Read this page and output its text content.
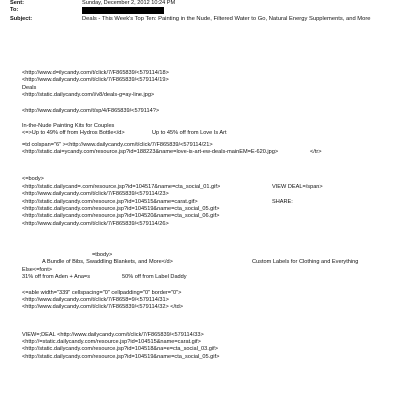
Sent:	Sunday, December 2, 2012 10:24 PM
To:
Subject:	Deals - This Week's Top Ten: Painting in the Nude, Filtered Water to Go, Natural Energy Supplements, and More
<http://www.d=ilycandy.com/t/click/7/F865839/<579114/18>
<http://www.dailycandy.com/t/click/7/F865839/<579114/19>
Deals
<http://static.dailycandy.com/i/v8/deals-g=ay-line.jpg>
<http://www.dailycandy.com/t/sp/4/F865839/<579114?>
In-the-Nude Painting Kits for Couples
<=>Up to 49% off from Hydros Bottle</d>	Up to 45% off from Love Is Art
=td colspan="6" ><http://www.dailycandy.com/t/click/7/F865839/<579114/21>
<http://static.dai=ycandy.com/resource.jsp?id=188223&name=love-is-art-ew-deals-mainEM=E-620.jpg>	</tr>
<=body>
<http://static.dailycand=.com/resource.jsp?id=104517&name=cta_social_01.gif>	VIEW DEAL=/span>
<http://www.dailycandy.com/t/click/7/F865839/<579114/23>
<http://static.dailycandy.com/resource.jsp?id=104515&name=carat.gif>	SHARE:
<http://static.dailycandy.com/resource.jsp?id=104519&name=cta_social_05.gif>
<http://static.dailycandy.com/resource.jsp?id=104520&name=cta_social_06.gif>
<http://www.dailycandy.com/t/click/7/F865839/<579114/26>
=tbody>
A Bundle of Bibs, Swaddling Blankets, and More</d>	Custom Labels for Clothing and Everything
Else<=font>
31% off from Aden + Ana=s	50% off from Label Daddy
<=able width="339" cellspacing="0" cellpadding="0" border="0">
<http://www.dailycandy.com/t/click/7/F8658=9/<579114/31>
<http://www.dailycandy.com/t/click/7/F865839/<579114/32> </td>
VIEW=;DEAL <http://www.dailycandy.com/t/click/7/F865839/<579114/33>
<http://=static.dailycandy.com/resource.jsp?id=104515&name=carat.gif>
<http://static.dailycandy.com/resource.jsp?id=104518&na=e=cta_social_03.gif>
<http://static.dailycandy.com/resource.jsp?id=104519&name=cta_social_05.gif>
